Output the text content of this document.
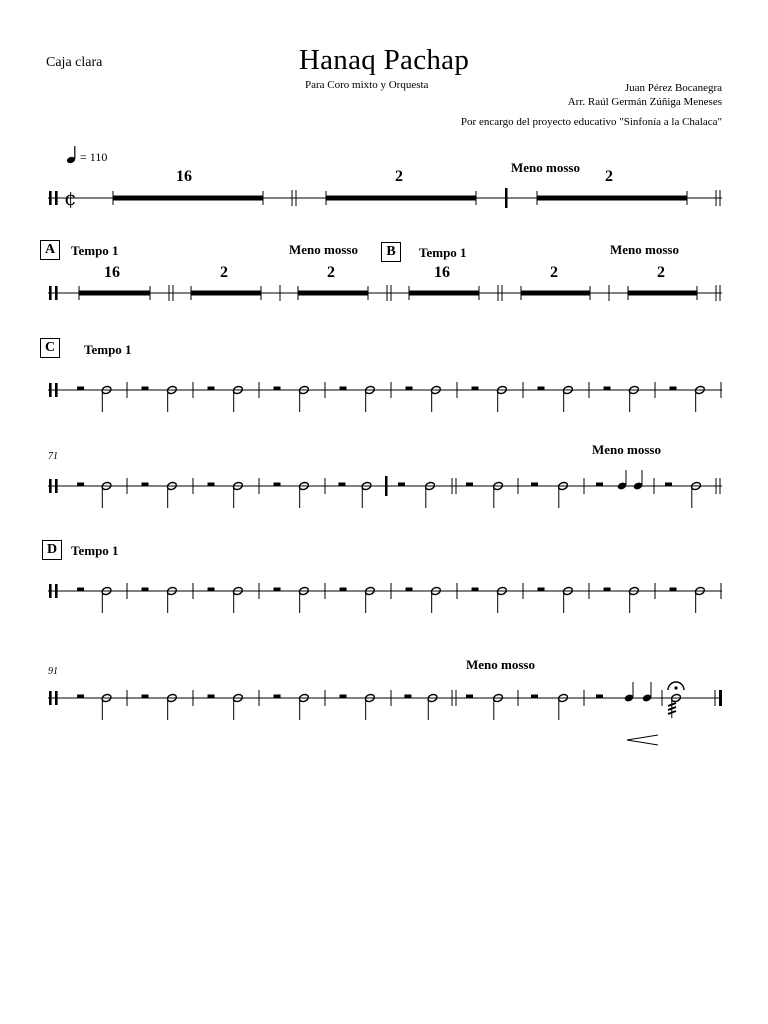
Caja clara	Hanaq Pachap
Para Coro mixto y Orquesta	Juan Pérez Bocanegra
Arr. Raúl Germán Zúñiga Meneses
Por encargo del proyecto educativo "Sinfonía a la Chalaca"
= 110
Meno mosso
A	Tempo 1	Meno mosso	B	Tempo 1	Meno mosso
C	Tempo 1
71	Meno mosso
D	Tempo 1
91	Meno mosso
16	2	2
16	2	2	16	2	2
¢
